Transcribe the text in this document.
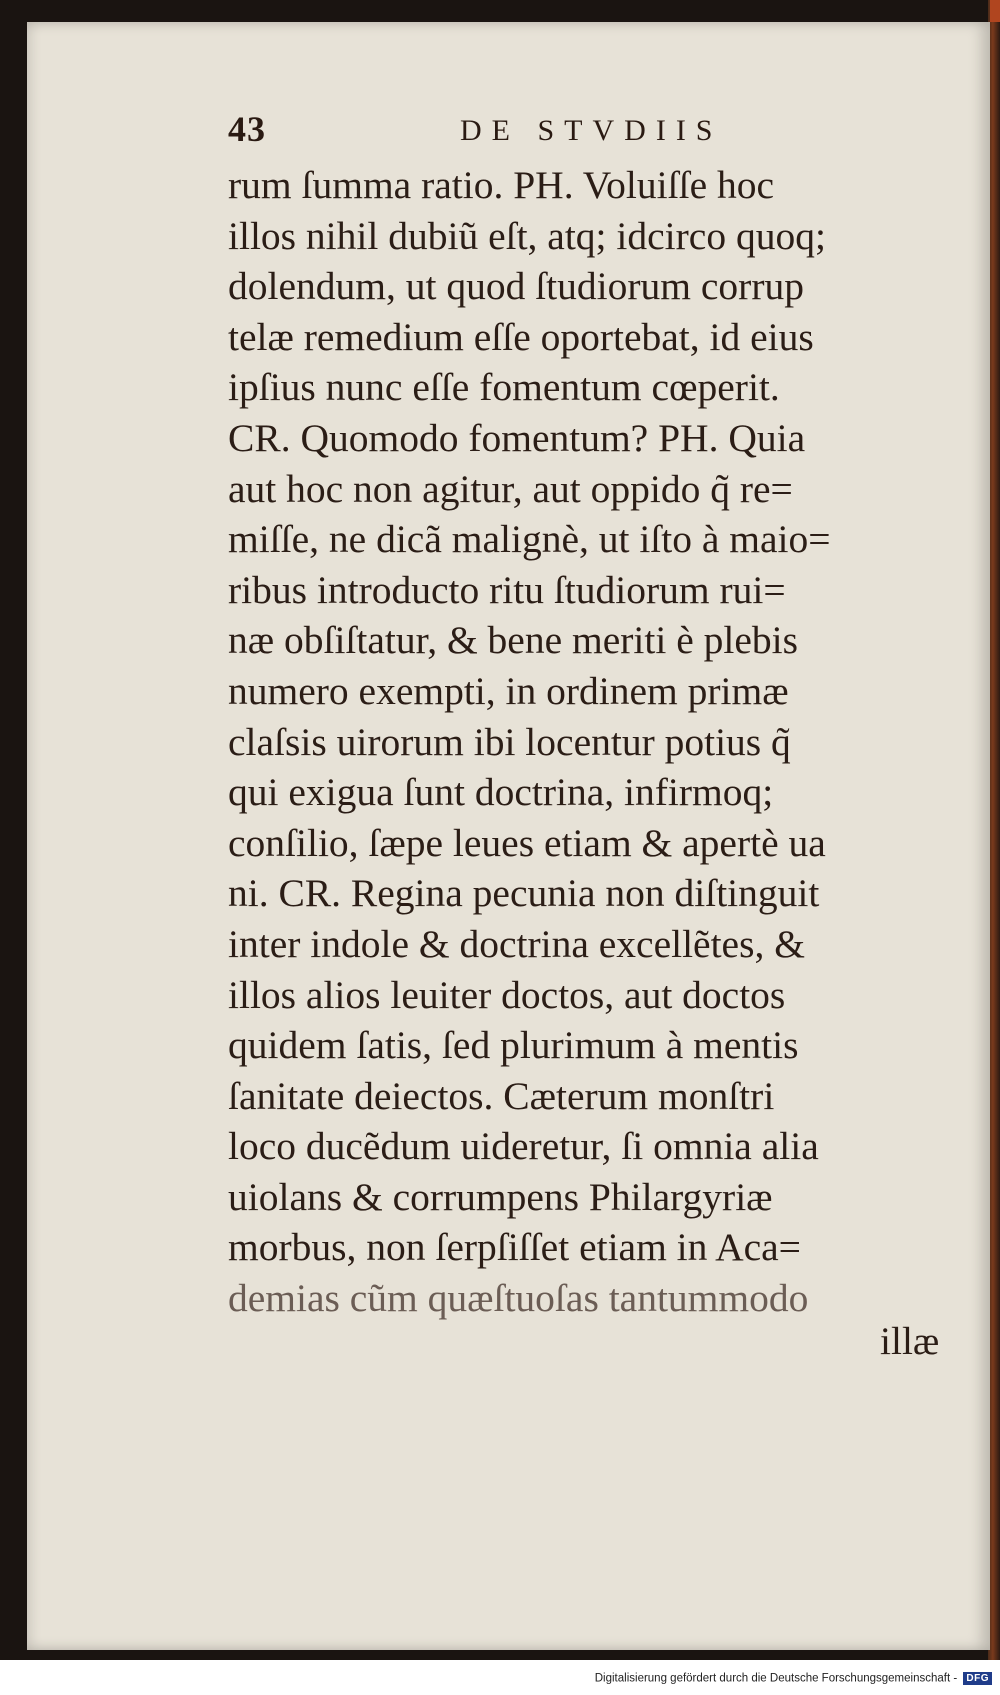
43	DE STVDIIS
rum ſumma ratio. PH. Voluiſſe hoc
illos nihil dubiũ eſt, atq; idcirco quoq;
dolendum, ut quod ſtudiorum corrup
telæ remedium eſſe oportebat, id eius
ipſius nunc eſſe fomentum cœperit.
CR. Quomodo fomentum? PH. Quia
aut hoc non agitur, aut oppido q̃ re=
miſſe, ne dicã malignè, ut iſto à maio=
ribus introducto ritu ſtudiorum rui=
næ obſiſtatur, & bene meriti è plebis
numero exempti, in ordinem primæ
claſsis uirorum ibi locentur potius q̃
qui exigua ſunt doctrina, infirmoq;
conſilio, ſæpe leues etiam & apertè ua
ni. CR. Regina pecunia non diſtinguit
inter indole & doctrina excellẽtes, &
illos alios leuiter doctos, aut doctos
quidem ſatis, ſed plurimum à mentis
ſanitate deiectos. Cæterum monſtri
loco ducẽdum uideretur, ſi omnia alia
uiolans & corrumpens Philargyriæ
morbus, non ſerpſiſſet etiam in Aca=
demias cũm quæſtuoſas tantummodo
illæ
Digitalisierung gefördert durch die Deutsche Forschungsgemeinschaft - DFG
